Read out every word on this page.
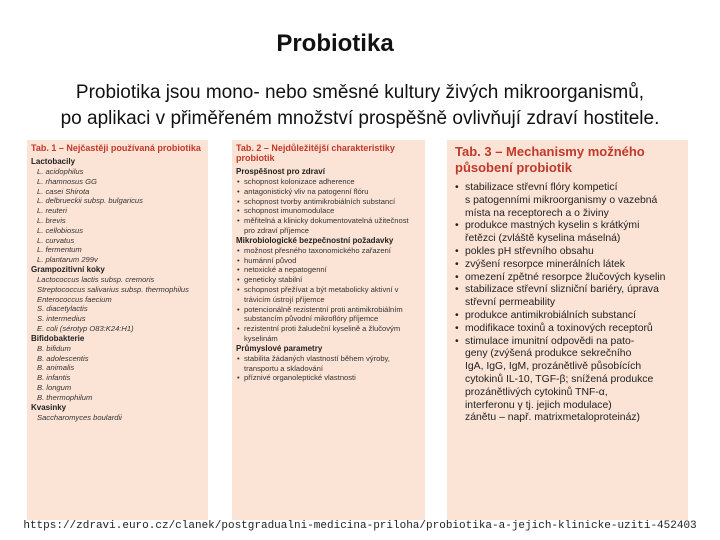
Probiotika
Probiotika jsou mono- nebo směsné kultury živých mikroorganismů,
po aplikaci v přiměřeném množství prospěšně ovlivňují zdraví hostitele.
Tab. 1 – Nejčastěji používaná probiotika
Lactobacily
L. acidophilus
L. rhamnosus GG
L. casei Shirota
L. delbrueckii subsp. bulgaricus
L. reuteri
L. brevis
L. cellobiosus
L. curvatus
L. fermentum
L. plantarum 299v
Grampozitivní koky
Lactococcus lactis subsp. cremoris
Streptococcus salivarius subsp. thermophilus
Enterococcus faecium
S. diacetylactis
S. intermedius
E. coli (sérotyp O83:K24:H1)
Bifidobakterie
B. bifidum
B. adolescentis
B. animalis
B. infantis
B. longum
B. thermophilum
Kvasinky
Saccharomyces boulardii
Tab. 2 – Nejdůležitější charakteristiky probiotik
Prospěšnost pro zdraví
• schopnost kolonizace adherence
• antagonistický vliv na patogenní flóru
• schopnost tvorby antimikrobiálních substancí
• schopnost imunomodulace
• měřitelná a klinicky dokumentovatelná užitečnost pro zdraví příjemce
Mikrobiologické bezpečnostní požadavky
• možnost přesného taxonomického zařazení
• humánní původ
• netoxické a nepatogenní
• geneticky stabilní
• schopnost přežívat a být metabolicky aktivní v trávicím ústrojí příjemce
• potencionálně rezistentní proti antimikrobiálním substancím původní mikroflóry příjemce
• rezistentní proti žaludeční kyselině a žlučovým kyselinám
Průmyslové parametry
• stabilita žádaných vlastností během výroby, transportu a skladování
• příznivé organoleptické vlastnosti
Tab. 3 – Mechanismy možného působení probiotik
• stabilizace střevní flóry kompeticí
s patogenními mikroorganismy o vazebná
místa na receptorech a o živiny
• produkce mastných kyselin s krátkými
řetězci (zvláště kyselina máselná)
• pokles pH střevního obsahu
• zvýšení resorpce minerálních látek
• omezení zpětné resorpce žlučových kyselin
• stabilizace střevní slizniční bariéry, úprava
střevní permeability
• produkce antimikrobiálních substancí
• modifikace toxinů a toxinových receptorů
• stimulace imunitní odpovědi na pato-
geny (zvýšená produkce sekrečního
IgA, IgG, IgM, prozánětlivě působících
cytokinů IL-10, TGF-β; snížená produkce
prozánětlivých cytokinů TNF-α,
interferonu γ tj. jejich modulace)
zánětu – např. matrixmetaloproteináz)
https://zdravi.euro.cz/clanek/postgradualni-medicina-priloha/probiotika-a-jejich-klinicke-uziti-452403
